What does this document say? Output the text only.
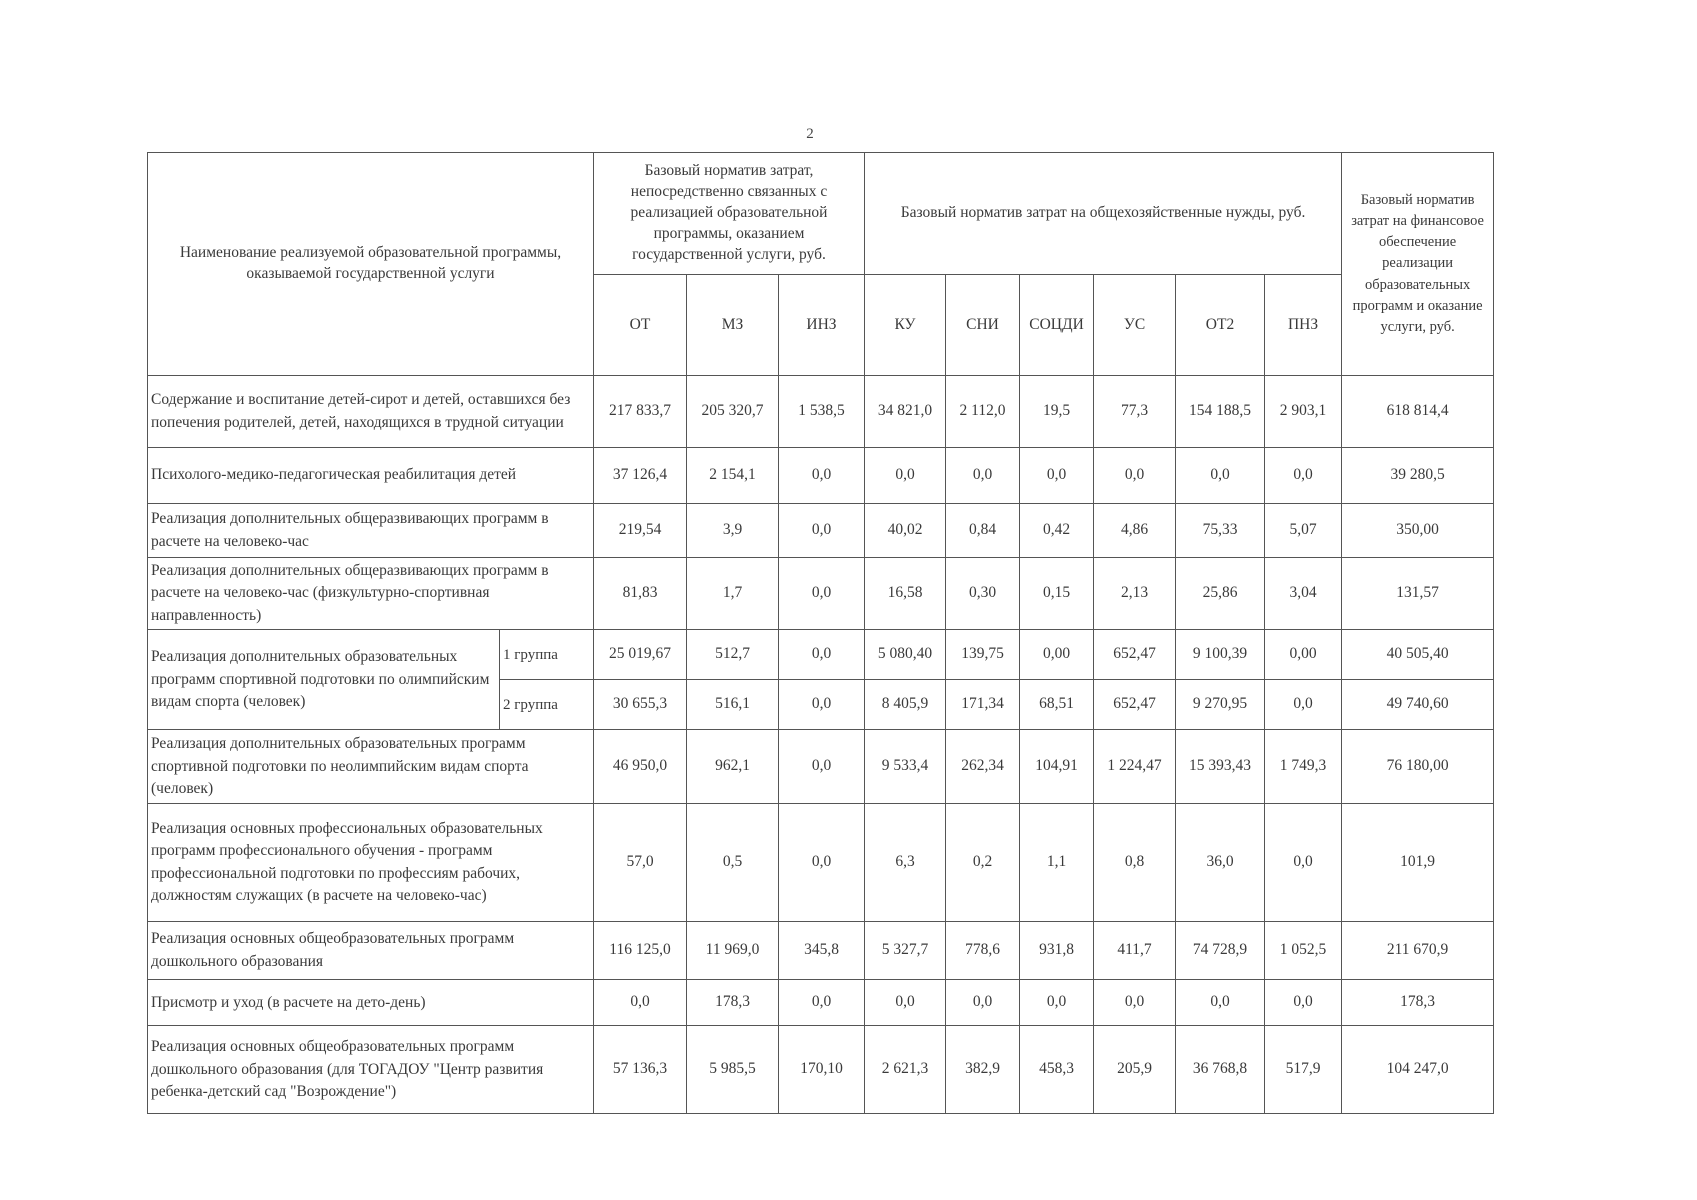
2
Наименование реализуемой образовательной программы, оказываемой государственной услуги		Базовый норматив затрат, непосредственно связанных с реализацией образовательной программы, оказанием государственной услуги, руб.			Базовый норматив затрат на общехозяйственные нужды, руб.						Базовый норматив затрат на финансовое обеспечение реализации образовательных программ и оказание услуги, руб.
		ОТ	МЗ	ИНЗ	КУ	СНИ	СОЦДИ	УС	ОТ2	ПНЗ	
Содержание и воспитание детей-сирот и детей, оставшихся без попечения родителей, детей, находящихся в трудной ситуации		217 833,7	205 320,7	1 538,5	34 821,0	2 112,0	19,5	77,3	154 188,5	2 903,1	618 814,4
Психолого-медико-педагогическая реабилитация детей		37 126,4	2 154,1	0,0	0,0	0,0	0,0	0,0	0,0	0,0	39 280,5
Реализация дополнительных общеразвивающих программ в расчете на человеко-час		219,54	3,9	0,0	40,02	0,84	0,42	4,86	75,33	5,07	350,00
Реализация дополнительных общеразвивающих программ в расчете на человеко-час (физкультурно-спортивная направленность)		81,83	1,7	0,0	16,58	0,30	0,15	2,13	25,86	3,04	131,57
Реализация дополнительных образовательных программ спортивной подготовки по олимпийским видам спорта (человек)	1 группа	25 019,67	512,7	0,0	5 080,40	139,75	0,00	652,47	9 100,39	0,00	40 505,40
	2 группа	30 655,3	516,1	0,0	8 405,9	171,34	68,51	652,47	9 270,95	0,0	49 740,60
Реализация дополнительных образовательных программ спортивной подготовки по неолимпийским видам спорта (человек)		46 950,0	962,1	0,0	9 533,4	262,34	104,91	1 224,47	15 393,43	1 749,3	76 180,00
Реализация основных профессиональных образовательных программ профессионального обучения - программ профессиональной подготовки по профессиям рабочих, должностям служащих (в расчете на человеко-час)		57,0	0,5	0,0	6,3	0,2	1,1	0,8	36,0	0,0	101,9
Реализация основных общеобразовательных программ дошкольного образования		116 125,0	11 969,0	345,8	5 327,7	778,6	931,8	411,7	74 728,9	1 052,5	211 670,9
Присмотр и уход (в расчете на дето-день)		0,0	178,3	0,0	0,0	0,0	0,0	0,0	0,0	0,0	178,3
Реализация основных общеобразовательных программ дошкольного образования (для ТОГАДОУ "Центр развития ребенка-детский сад "Возрождение")		57 136,3	5 985,5	170,10	2 621,3	382,9	458,3	205,9	36 768,8	517,9	104 247,0
